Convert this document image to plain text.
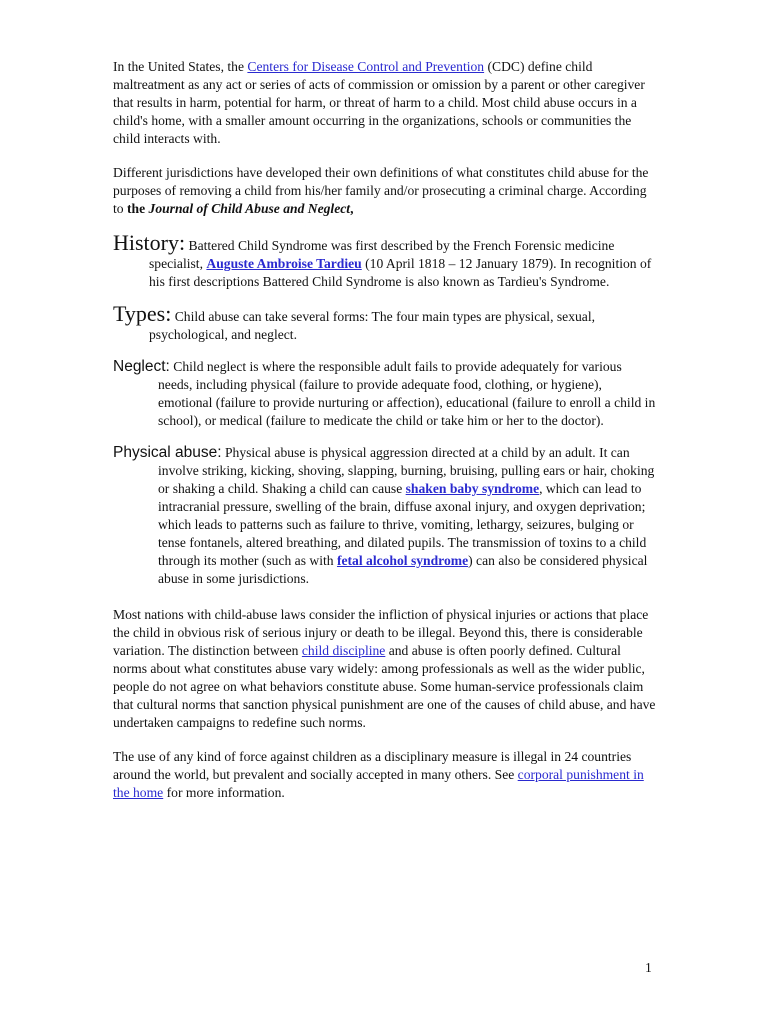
In the United States, the Centers for Disease Control and Prevention (CDC) define child maltreatment as any act or series of acts of commission or omission by a parent or other caregiver that results in harm, potential for harm, or threat of harm to a child. Most child abuse occurs in a child's home, with a smaller amount occurring in the organizations, schools or communities the child interacts with.

Different jurisdictions have developed their own definitions of what constitutes child abuse for the purposes of removing a child from his/her family and/or prosecuting a criminal charge. According to the Journal of Child Abuse and Neglect,

History: Battered Child Syndrome was first described by the French Forensic medicine specialist, Auguste Ambroise Tardieu (10 April 1818 – 12 January 1879). In recognition of his first descriptions Battered Child Syndrome is also known as Tardieu's Syndrome.

Types: Child abuse can take several forms: The four main types are physical, sexual, psychological, and neglect.

Neglect: Child neglect is where the responsible adult fails to provide adequately for various needs, including physical (failure to provide adequate food, clothing, or hygiene), emotional (failure to provide nurturing or affection), educational (failure to enroll a child in school), or medical (failure to medicate the child or take him or her to the doctor).

Physical abuse: Physical abuse is physical aggression directed at a child by an adult. It can involve striking, kicking, shoving, slapping, burning, bruising, pulling ears or hair, choking or shaking a child. Shaking a child can cause shaken baby syndrome, which can lead to intracranial pressure, swelling of the brain, diffuse axonal injury, and oxygen deprivation; which leads to patterns such as failure to thrive, vomiting, lethargy, seizures, bulging or tense fontanels, altered breathing, and dilated pupils. The transmission of toxins to a child through its mother (such as with fetal alcohol syndrome) can also be considered physical abuse in some jurisdictions.

Most nations with child-abuse laws consider the infliction of physical injuries or actions that place the child in obvious risk of serious injury or death to be illegal. Beyond this, there is considerable variation. The distinction between child discipline and abuse is often poorly defined. Cultural norms about what constitutes abuse vary widely: among professionals as well as the wider public, people do not agree on what behaviors constitute abuse. Some human-service professionals claim that cultural norms that sanction physical punishment are one of the causes of child abuse, and have undertaken campaigns to redefine such norms.

The use of any kind of force against children as a disciplinary measure is illegal in 24 countries around the world, but prevalent and socially accepted in many others. See corporal punishment in the home for more information.

1
